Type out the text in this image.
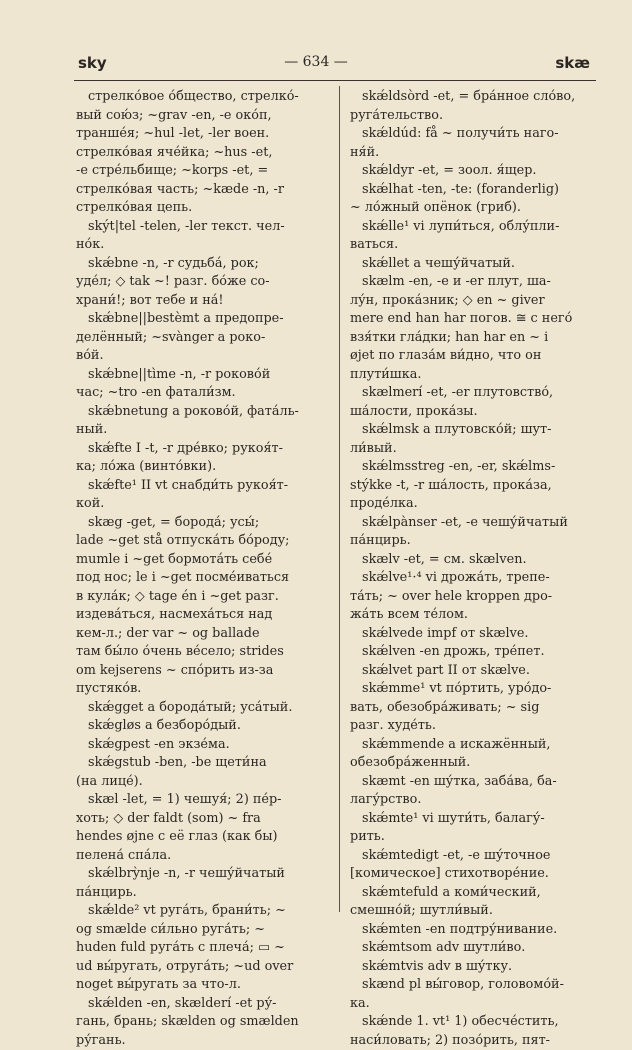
sky	— 634 —	skæ
стрелко́вое о́бщество, стрелко́-
вый сою́з; ~grav -en, -e око́п,
транше́я; ~hul -let, -ler воен.
стрелко́вая яче́йка; ~hus -et,
-e стре́льбище; ~korps -et, =
стрелко́вая часть; ~kæde -n, -r
стрелко́вая цепь.
skýt|tel -telen, -ler текст. чел-
но́к.
skǽbne -n, -r судьба́, рок;
уде́л; ◇ tak ~! разг. бо́же со-
храни́!; вот тебе и на́!
skǽbne||bestèmt a предопре-
делённый; ~svànger a роко-
во́й.
skǽbne||tìme -n, -r роково́й
час; ~tro -en фатали́зм.
skǽbnetung a роково́й, фата́ль-
ный.
skǽfte I -t, -r дре́вко; рукоя́т-
ка; ло́жа (винто́вки).
skǽfte¹ II vt снабди́ть рукоя́т-
кой.
skæg -get, = борода́; усы́;
lade ~get stå отпуска́ть бо́роду;
mumle i ~get бормота́ть себе́
под нос; le i ~get посме́иваться
в кула́к; ◇ tage én i ~get разг.
издева́ться, насмеха́ться над
кем-л.; der var ~ og ballade
там бы́ло о́чень ве́село; strides
om kejserens ~ спо́рить из-за
пустяко́в.
skǽgget a борода́тый; уса́тый.
skǽgløs a безборо́дый.
skǽgpest -en экзе́ма.
skǽgstub -ben, -be щети́на
(на лице́).
skæl -let, = 1) чешуя́; 2) пе́р-
хоть; ◇ der faldt (som) ~ fra
hendes øjne с её глаз (как бы)
пелена́ спа́ла.
skǽlbrỳnje -n, -r чешу́йчатый
па́нцирь.
skǽlde² vt руга́ть, брани́ть; ~
og smælde си́льно руга́ть; ~
huden fuld руга́ть с плеча́; ▭ ~
ud вы́ругать, отруга́ть; ~ud over
noget вы́ругать за что-л.
skǽlden -en, skælderí -et ру́-
гань, брань; skælden og smælden
ру́гань.
skǽldsòrd -et, = бра́нное сло́во,
руга́тельство.
skǽldúd: få ~ получи́ть наго-
ня́й.
skǽldyr -et, = зоол. я́щер.
skǽlhat -ten, -te: (foranderlig)
~ ло́жный опёнок (гриб).
skǽlle¹ vi лупи́ться, облу́пли-
ваться.
skǽllet a чешу́йчатый.
skælm -en, -e и -er плут, ша-
лу́н, прока́зник; ◇ en ~ giver
mere end han har погов. ≅ с него́
взя́тки гла́дки; han har en ~ i
øjet по глаза́м ви́дно, что он
плути́шка.
skælmerí -et, -er плутовство́,
ша́лости, прока́зы.
skǽlmsk a плутовско́й; шут-
ли́вый.
skǽlmsstreg -en, -er, skǽlms-
stýkke -t, -r ша́лость, прока́за,
проде́лка.
skǽlpànser -et, -e чешу́йчатый
па́нцирь.
skælv -et, = см. skælven.
skǽlve¹·⁴ vi дрожа́ть, трепе-
та́ть; ~ over hele kroppen дро-
жа́ть всем те́лом.
skǽlvede impf от skælve.
skǽlven -en дрожь, тре́пет.
skǽlvet part II от skælve.
skǽmme¹ vt по́ртить, уро́до-
вать, обезобра́живать; ~ sig
разг. худе́ть.
skǽmmende a искажённый,
обезобра́женный.
skæmt -en шу́тка, заба́ва, ба-
лагу́рство.
skǽmte¹ vi шути́ть, балагу́-
рить.
skǽmtedigt -et, -e шу́точное
[комическое] стихотворе́ние.
skǽmtefuld a коми́ческий,
смешно́й; шутли́вый.
skǽmten -en подтру́нивание.
skǽmtsom adv шутли́во.
skǽmtvis adv в шу́тку.
skænd pl вы́говор, головомо́й-
ка.
skǽnde 1. vt¹ 1) обесче́стить,
наси́ловать; 2) позо́рить, пят-
